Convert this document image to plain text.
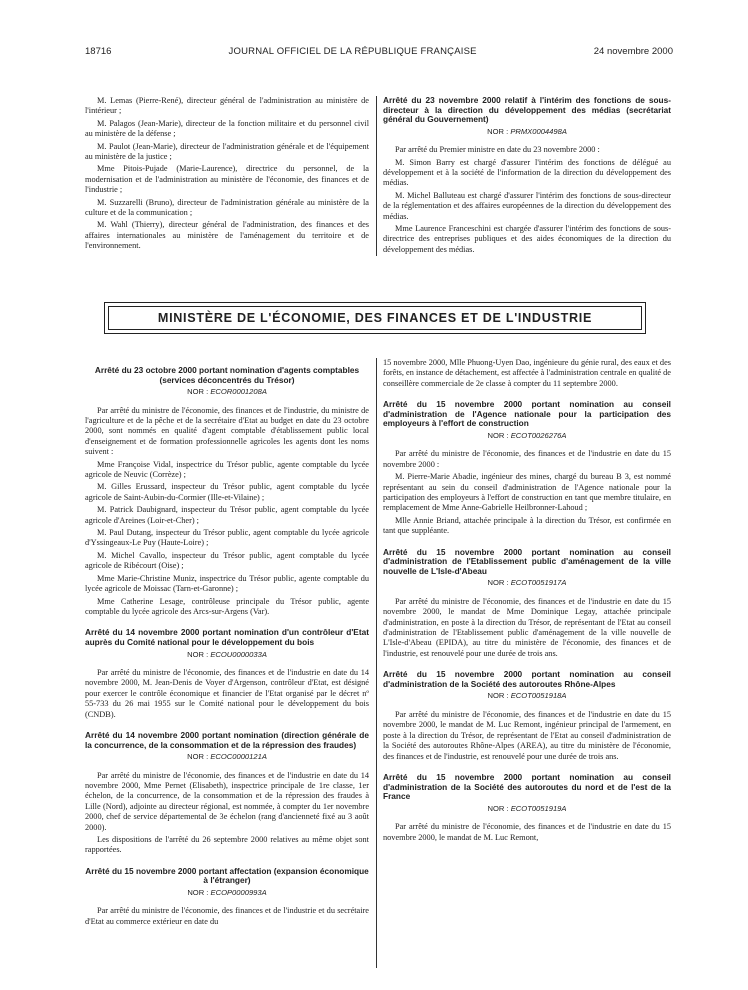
18716	JOURNAL OFFICIEL DE LA RÉPUBLIQUE FRANÇAISE	24 novembre 2000

M. Lemas (Pierre-René), directeur général de l'administration au ministère de l'intérieur ;

M. Palagos (Jean-Marie), directeur de la fonction militaire et du personnel civil au ministère de la défense ;

M. Paulot (Jean-Marie), directeur de l'administration générale et de l'équipement au ministère de la justice ;

Mme Pitois-Pujade (Marie-Laurence), directrice du personnel, de la modernisation et de l'administration au ministère de l'économie, des finances et de l'industrie ;

M. Suzzarelli (Bruno), directeur de l'administration générale au ministère de la culture et de la communication ;

M. Wahl (Thierry), directeur général de l'administration, des finances et des affaires internationales au ministère de l'aménagement du territoire et de l'environnement.

Arrêté du 23 novembre 2000 relatif à l'intérim des fonctions de sous-directeur à la direction du développement des médias (secrétariat général du Gouvernement)

NOR : PRMX0004498A

Par arrêté du Premier ministre en date du 23 novembre 2000 :

M. Simon Barry est chargé d'assurer l'intérim des fonctions de délégué au développement et à la société de l'information de la direction du développement des médias.

M. Michel Balluteau est chargé d'assurer l'intérim des fonctions de sous-directeur de la réglementation et des affaires européennes de la direction du développement des médias.

Mme Laurence Franceschini est chargée d'assurer l'intérim des fonctions de sous-directrice des entreprises publiques et des aides économiques de la direction du développement des médias.

MINISTÈRE DE L'ÉCONOMIE, DES FINANCES ET DE L'INDUSTRIE

Arrêté du 23 octobre 2000 portant nomination d'agents comptables (services déconcentrés du Trésor)

NOR : ECOR0001208A

Par arrêté du ministre de l'économie, des finances et de l'industrie, du ministre de l'agriculture et de la pêche et de la secrétaire d'Etat au budget en date du 23 octobre 2000, sont nommés en qualité d'agent comptable d'établissement public local d'enseignement et de formation professionnelle agricoles les agents dont les noms suivent :

Mme Françoise Vidal, inspectrice du Trésor public, agente comptable du lycée agricole de Neuvic (Corrèze) ;

M. Gilles Erussard, inspecteur du Trésor public, agent comptable du lycée agricole de Saint-Aubin-du-Cormier (Ille-et-Vilaine) ;

M. Patrick Daubignard, inspecteur du Trésor public, agent comptable du lycée agricole d'Areines (Loir-et-Cher) ;

M. Paul Dutang, inspecteur du Trésor public, agent comptable du lycée agricole d'Yssingeaux-Le Puy (Haute-Loire) ;

M. Michel Cavallo, inspecteur du Trésor public, agent comptable du lycée agricole de Ribécourt (Oise) ;

Mme Marie-Christine Muniz, inspectrice du Trésor public, agente comptable du lycée agricole de Moissac (Tarn-et-Garonne) ;

Mme Catherine Lesage, contrôleuse principale du Trésor public, agente comptable du lycée agricole des Arcs-sur-Argens (Var).

Arrêté du 14 novembre 2000 portant nomination d'un contrôleur d'Etat auprès du Comité national pour le développement du bois

NOR : ECOU0000033A

Par arrêté du ministre de l'économie, des finances et de l'industrie en date du 14 novembre 2000, M. Jean-Denis de Voyer d'Argenson, contrôleur d'Etat, est désigné pour exercer le contrôle économique et financier de l'Etat organisé par le décret nº 55-733 du 26 mai 1955 sur le Comité national pour le développement du bois (CNDB).

Arrêté du 14 novembre 2000 portant nomination (direction générale de la concurrence, de la consommation et de la répression des fraudes)

NOR : ECOC0000121A

Par arrêté du ministre de l'économie, des finances et de l'industrie en date du 14 novembre 2000, Mme Pernet (Elisabeth), inspectrice principale de 1re classe, 1er échelon, de la concurrence, de la consommation et de la répression des fraudes à Lille (Nord), adjointe au directeur régional, est nommée, à compter du 1er novembre 2000, chef de service départemental de 3e échelon (rang d'ancienneté fixé au 3 août 2000).

Les dispositions de l'arrêté du 26 septembre 2000 relatives au même objet sont rapportées.

Arrêté du 15 novembre 2000 portant affectation (expansion économique à l'étranger)

NOR : ECOP0000993A

Par arrêté du ministre de l'économie, des finances et de l'industrie et du secrétaire d'Etat au commerce extérieur en date du

15 novembre 2000, Mlle Phuong-Uyen Dao, ingénieure du génie rural, des eaux et des forêts, en instance de détachement, est affectée à l'administration centrale en qualité de conseillère commerciale de 2e classe à compter du 11 septembre 2000.

Arrêté du 15 novembre 2000 portant nomination au conseil d'administration de l'Agence nationale pour la participation des employeurs à l'effort de construction

NOR : ECOT0026276A

Par arrêté du ministre de l'économie, des finances et de l'industrie en date du 15 novembre 2000 :

M. Pierre-Marie Abadie, ingénieur des mines, chargé du bureau B 3, est nommé représentant au sein du conseil d'administration de l'Agence nationale pour la participation des employeurs à l'effort de construction en tant que membre titulaire, en remplacement de Mme Anne-Gabrielle Heilbronner-Lahoud ;

Mlle Annie Briand, attachée principale à la direction du Trésor, est confirmée en tant que suppléante.

Arrêté du 15 novembre 2000 portant nomination au conseil d'administration de l'Etablissement public d'aménagement de la ville nouvelle de L'Isle-d'Abeau

NOR : ECOT0051917A

Par arrêté du ministre de l'économie, des finances et de l'industrie en date du 15 novembre 2000, le mandat de Mme Dominique Legay, attachée principale d'administration, en poste à la direction du Trésor, de représentant de l'Etat au conseil d'administration de l'Etablissement public d'aménagement de la ville nouvelle de L'Isle-d'Abeau (EPIDA), au titre du ministère de l'économie, des finances et de l'industrie, est renouvelé pour une durée de trois ans.

Arrêté du 15 novembre 2000 portant nomination au conseil d'administration de la Société des autoroutes Rhône-Alpes

NOR : ECOT0051918A

Par arrêté du ministre de l'économie, des finances et de l'industrie en date du 15 novembre 2000, le mandat de M. Luc Remont, ingénieur principal de l'armement, en poste à la direction du Trésor, de représentant de l'Etat au conseil d'administration de la Société des autoroutes Rhône-Alpes (AREA), au titre du ministère de l'économie, des finances et de l'industrie, est renouvelé pour une durée de trois ans.

Arrêté du 15 novembre 2000 portant nomination au conseil d'administration de la Société des autoroutes du nord et de l'est de la France

NOR : ECOT0051919A

Par arrêté du ministre de l'économie, des finances et de l'industrie en date du 15 novembre 2000, le mandat de M. Luc Remont,
